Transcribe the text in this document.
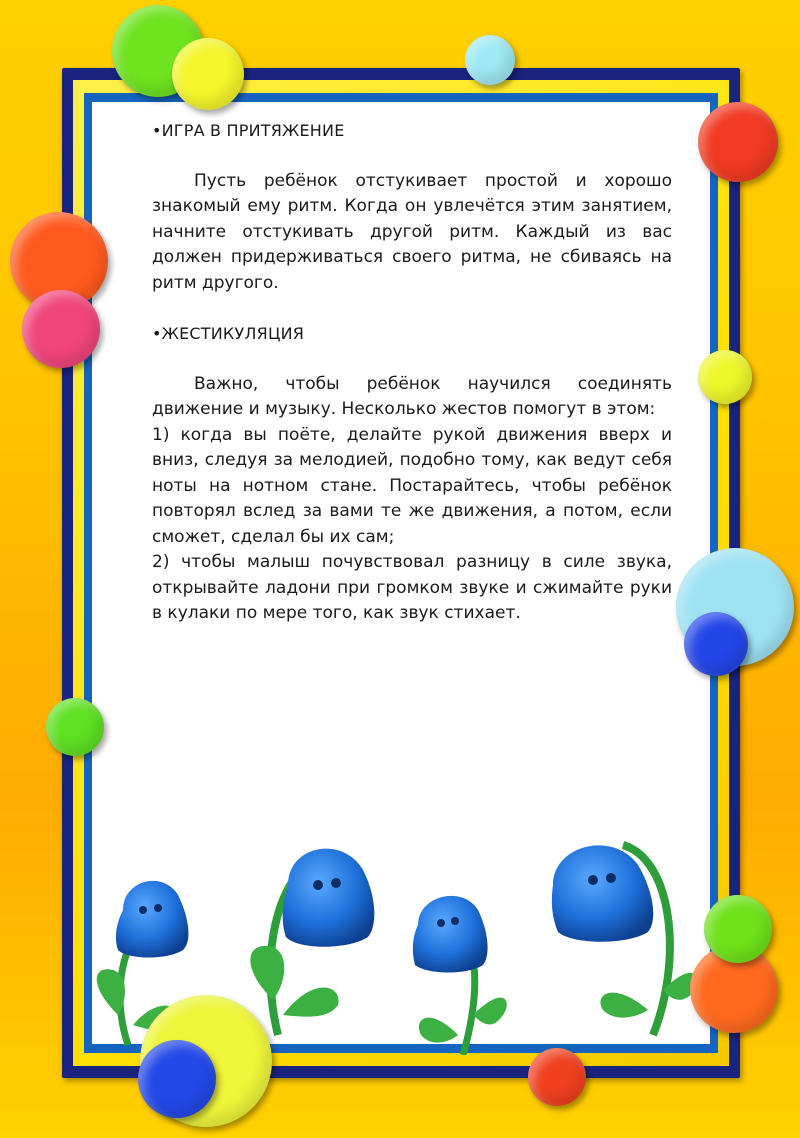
•ИГРА В ПРИТЯЖЕНИЕ

Пусть ребёнок отстукивает простой и хорошо знакомый ему ритм. Когда он увлечётся этим занятием, начните отстукивать другой ритм. Каждый из вас должен придерживаться своего ритма, не сбиваясь на ритм другого.

•ЖЕСТИКУЛЯЦИЯ

Важно, чтобы ребёнок научился соединять движение и музыку. Несколько жестов помогут в этом:

1) когда вы поёте, делайте рукой движения вверх и вниз, следуя за мелодией, подобно тому, как ведут себя ноты на нотном стане. Постарайтесь, чтобы ребёнок повторял вслед за вами те же движения, а потом, если сможет, сделал бы их сам;

2) чтобы малыш почувствовал разницу в силе звука, открывайте ладони при громком звуке и сжимайте руки в кулаки по мере того, как звук стихает.
